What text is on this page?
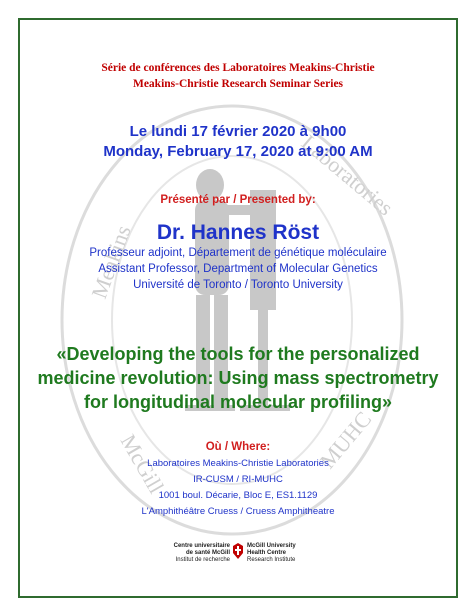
Meakins
Laboratories
MUHC
McGill
Série de conférences des Laboratoires Meakins-Christie
Meakins-Christie Research Seminar Series
Le lundi 17 février 2020 à 9h00
Monday, February 17, 2020 at 9:00 AM
Présenté par / Presented by:
Dr. Hannes Röst
Professeur adjoint, Département de génétique moléculaire
Assistant Professor, Department of Molecular Genetics
Université de Toronto / Toronto University
«Developing the tools for the personalized
medicine revolution: Using mass spectrometry
for longitudinal molecular profiling»
Où / Where:
Laboratoires Meakins-Christie Laboratories
IR-CUSM / RI-MUHC
1001 boul. Décarie, Bloc E, ES1.1129
L'Amphithéâtre Cruess / Cruess Amphitheatre
Centre universitaire
de santé McGill
Institut de recherche
McGill University
Health Centre
Research Institute
